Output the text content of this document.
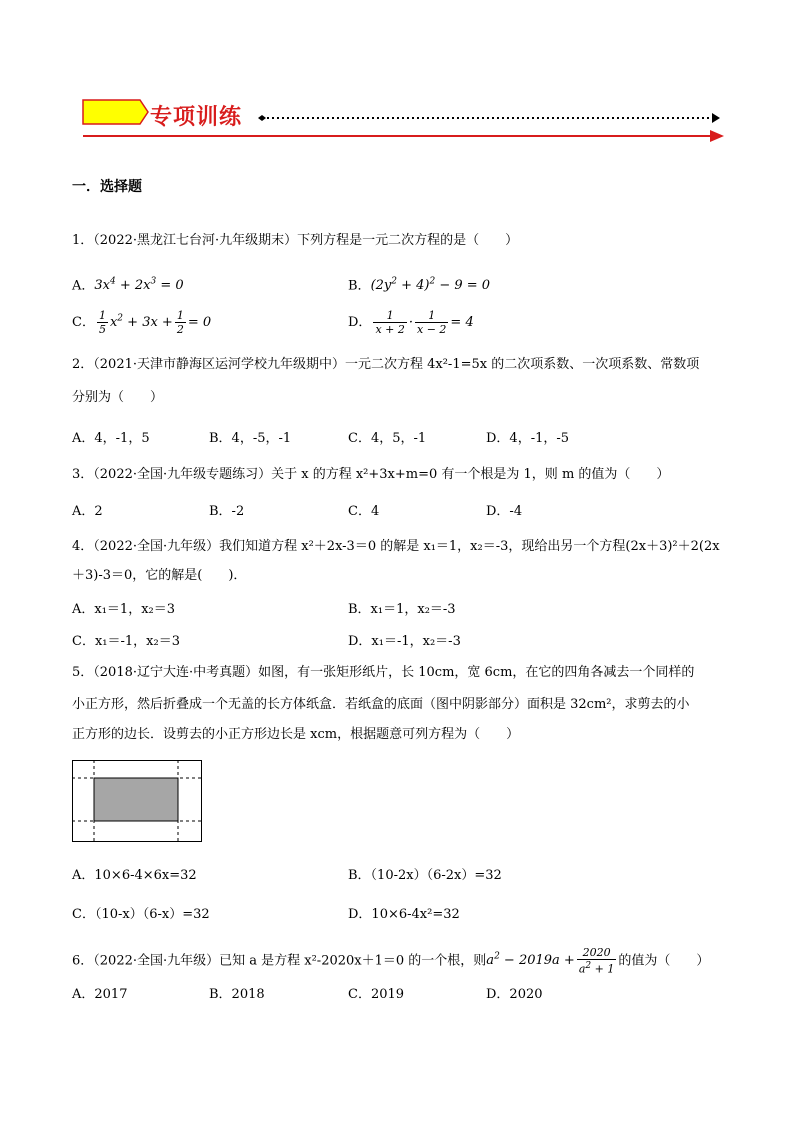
专项训练
一．选择题
1．（2022·黑龙江七台河·九年级期末）下列方程是一元二次方程的是（　　）
A．$3x^4 + 2x^3 = 0$	B．$(2y^2 + 4)^2 - 9 = 0$
C． $\frac{1}{5} x^2 + 3x + \frac{1}{2} = 0$	D． $\frac{1}{x + 2} \cdot \frac{1}{x - 2} = 4$
2．（2021·天津市静海区运河学校九年级期中）一元二次方程 4x²-1=5x 的二次项系数、一次项系数、常数项
分别为（　　）
A．4，-1，5	B．4，-5，-1	C．4，5，-1	D．4，-1，-5
3．（2022·全国·九年级专题练习）关于 x 的方程 x²+3x+m=0 有一个根是为 1，则 m 的值为（　　）
A．2	B．-2	C．4	D．-4
4．（2022·全国·九年级）我们知道方程 x²＋2x-3＝0 的解是 x₁＝1，x₂＝-3，现给出另一个方程(2x＋3)²＋2(2x
＋3)-3＝0，它的解是(　　)．
A．x₁＝1，x₂＝3	B．x₁＝1，x₂＝-3
C．x₁＝-1，x₂＝3	D．x₁＝-1，x₂＝-3
5．（2018·辽宁大连·中考真题）如图，有一张矩形纸片，长 10cm，宽 6cm，在它的四角各减去一个同样的
小正方形，然后折叠成一个无盖的长方体纸盒．若纸盒的底面（图中阴影部分）面积是 32cm²，求剪去的小
正方形的边长．设剪去的小正方形边长是 xcm，根据题意可列方程为（　　）
A．10×6-4×6x=32	B．（10-2x）（6-2x）=32
C．（10-x）（6-x）=32	D．10×6-4x²=32
6．（2022·全国·九年级）已知 a 是方程 x²-2020x＋1＝0 的一个根，则$a^2 - 2019a + \frac{2020}{a^2 + 1}$ 的值为（　　）
A．2017	B．2018	C．2019	D．2020
